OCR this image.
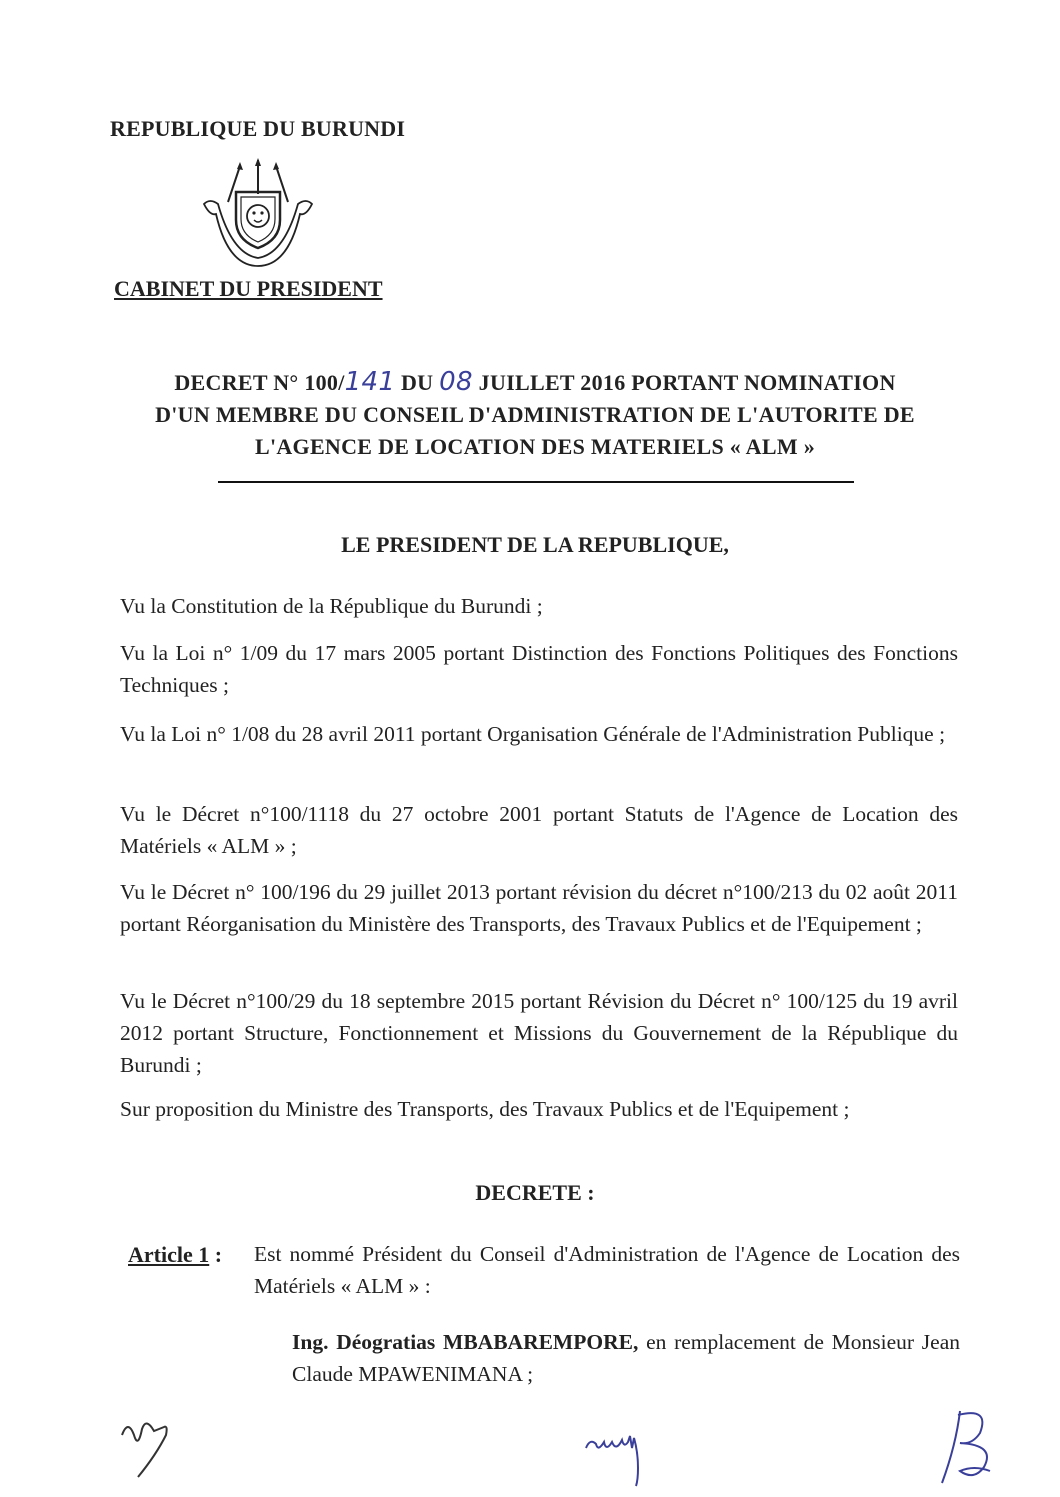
REPUBLIQUE DU BURUNDI
CABINET DU PRESIDENT
DECRET N° 100/141 DU 08 JUILLET 2016 PORTANT NOMINATION
D'UN MEMBRE DU CONSEIL D'ADMINISTRATION DE L'AUTORITE DE
L'AGENCE DE LOCATION DES MATERIELS « ALM »
LE PRESIDENT DE LA REPUBLIQUE,

Vu la Constitution de la République du Burundi ;

Vu la Loi n° 1/09 du 17 mars 2005 portant Distinction des Fonctions Politiques des Fonctions Techniques ;

Vu la Loi n° 1/08 du 28 avril 2011 portant Organisation Générale de l'Administration Publique ;

Vu le Décret n°100/1118 du 27 octobre 2001 portant Statuts de l'Agence de Location des Matériels « ALM » ;

Vu le Décret n° 100/196 du 29 juillet 2013 portant révision du décret n°100/213 du 02 août 2011 portant Réorganisation du Ministère des Transports, des Travaux Publics et de l'Equipement ;

Vu le Décret n°100/29 du 18 septembre 2015 portant Révision du Décret n° 100/125 du 19 avril 2012 portant Structure, Fonctionnement et Missions du Gouvernement de la République du Burundi ;

Sur proposition du Ministre des Transports, des Travaux Publics et de l'Equipement ;

DECRETE :
Article 1 : Est nommé Président du Conseil d'Administration de l'Agence de Location des Matériels « ALM » :

Ing. Déogratias MBABAREMPORE, en remplacement de Monsieur Jean Claude MPAWENIMANA ;
